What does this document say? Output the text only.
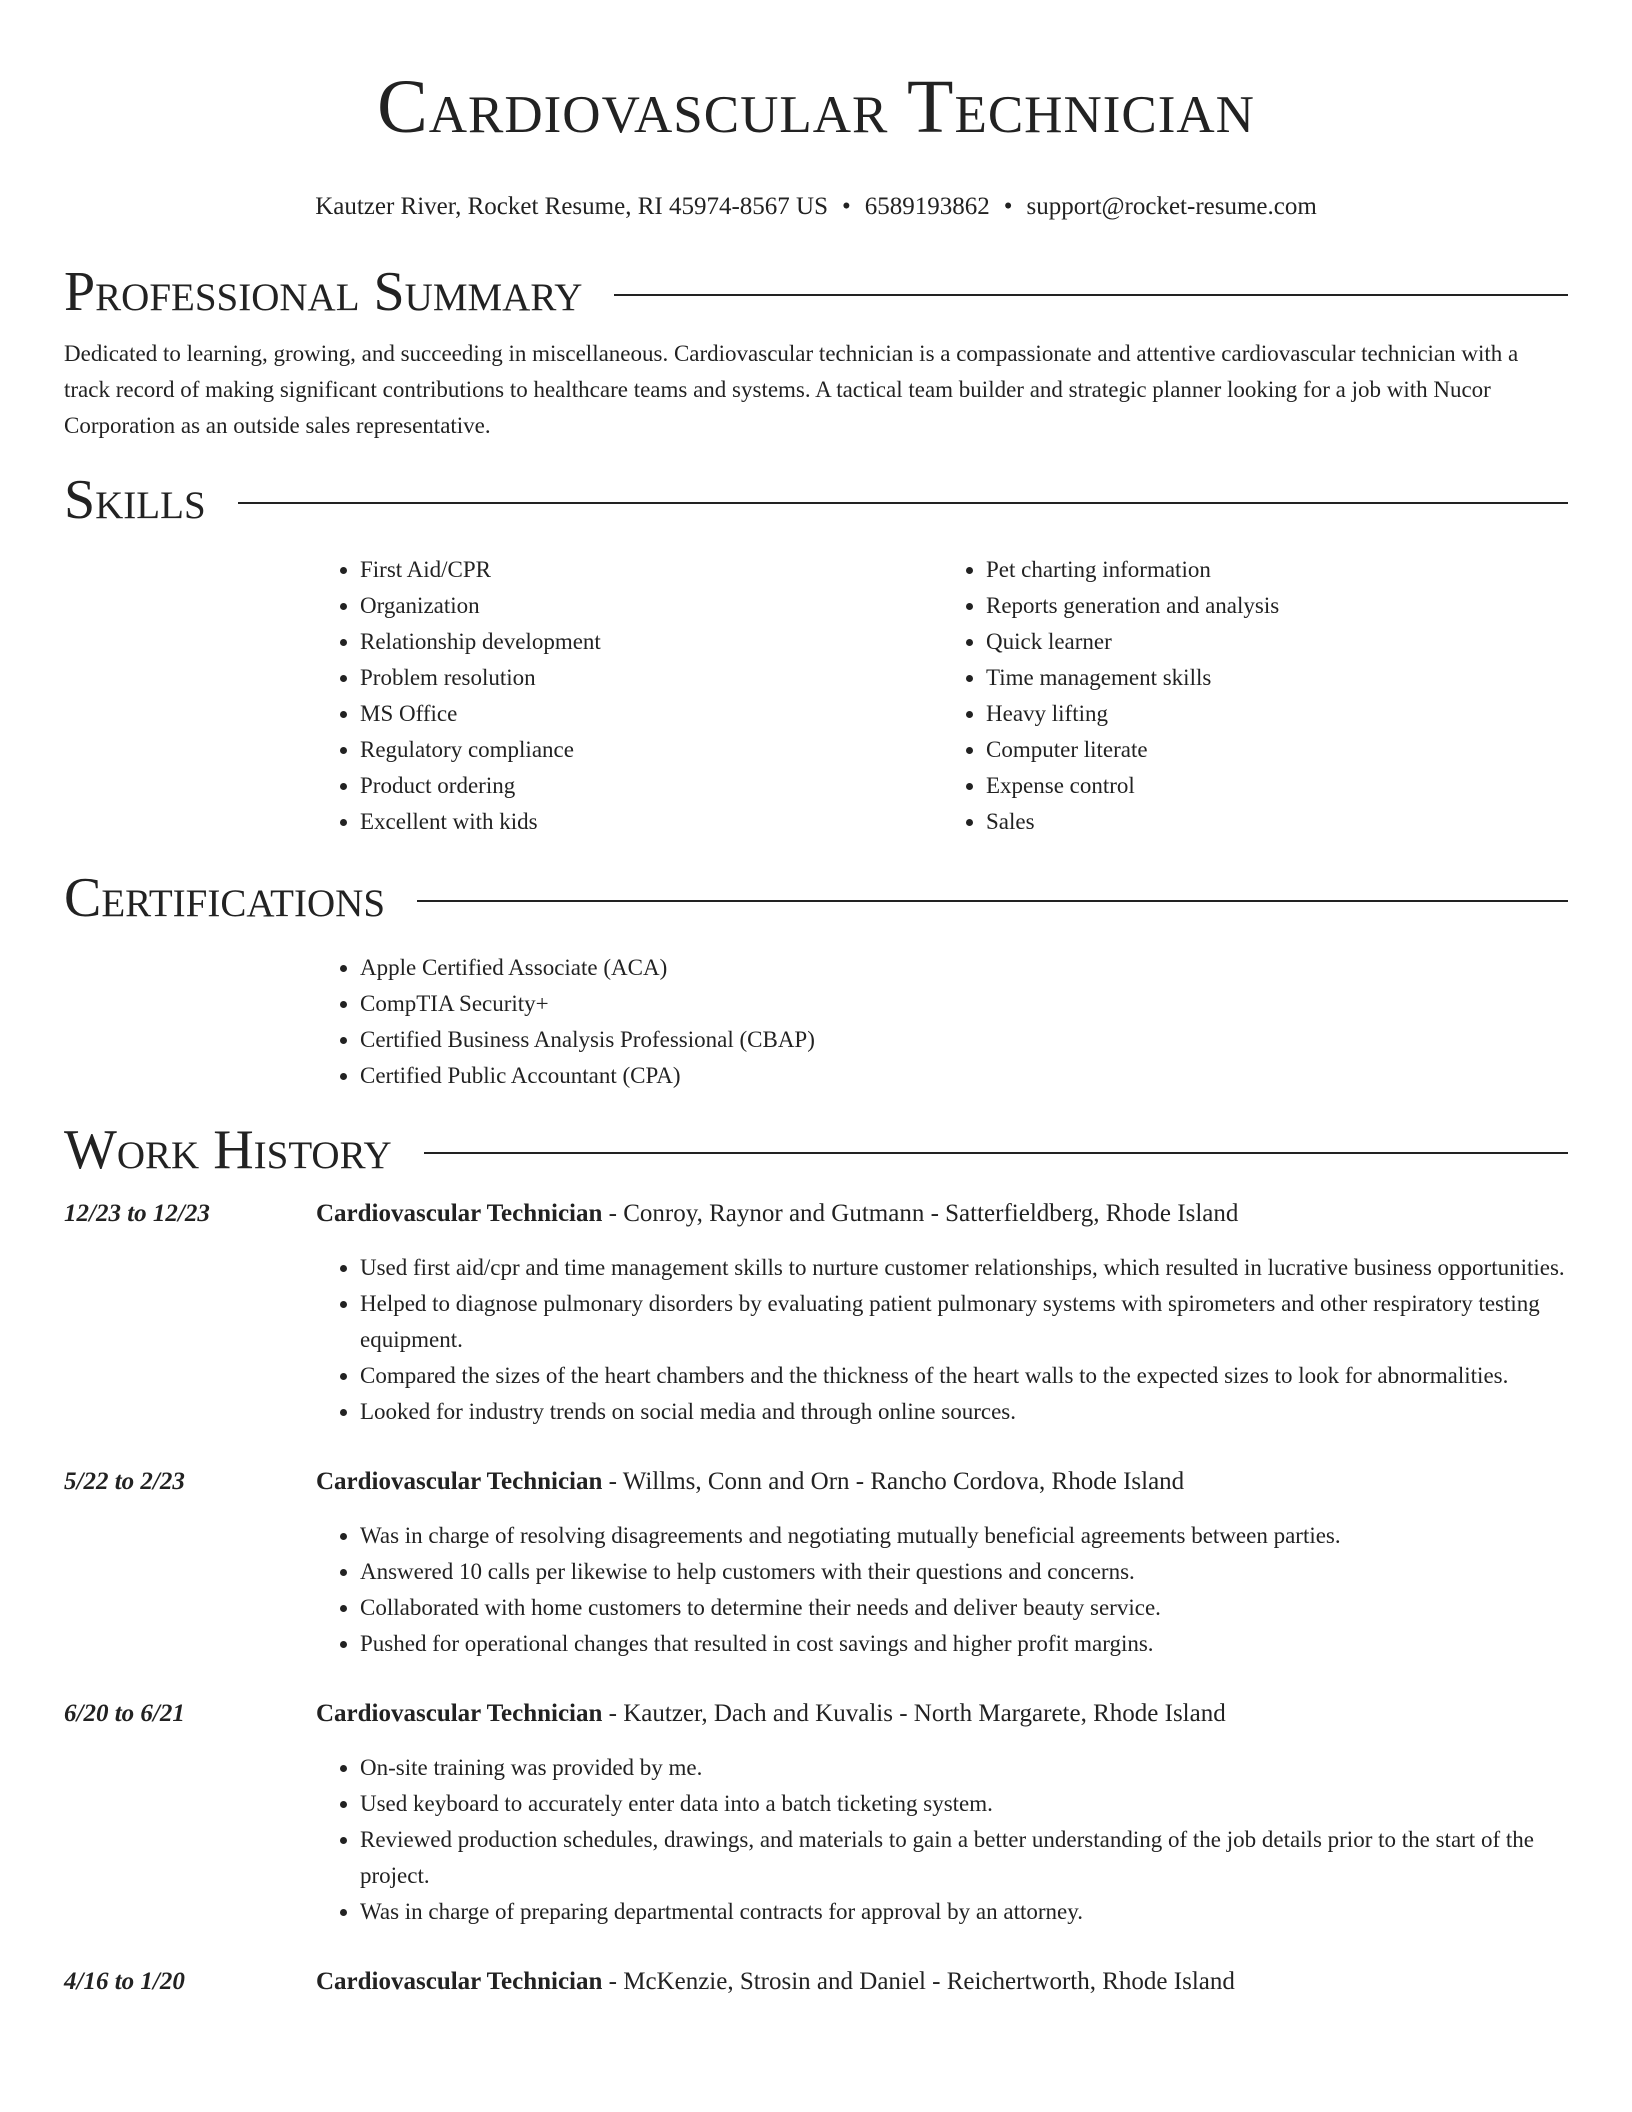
Cardiovascular Technician
Kautzer River, Rocket Resume, RI 45974-8567 US • 6589193862 • support@rocket-resume.com
Professional Summary

Dedicated to learning, growing, and succeeding in miscellaneous. Cardiovascular technician is a compassionate and attentive cardiovascular technician with a track record of making significant contributions to healthcare teams and systems. A tactical team builder and strategic planner looking for a job with Nucor Corporation as an outside sales representative.

Skills
• First Aid/CPR
• Organization
• Relationship development
• Problem resolution
• MS Office
• Regulatory compliance
• Product ordering
• Excellent with kids
• Pet charting information
• Reports generation and analysis
• Quick learner
• Time management skills
• Heavy lifting
• Computer literate
• Expense control
• Sales
Certifications
• Apple Certified Associate (ACA)
• CompTIA Security+
• Certified Business Analysis Professional (CBAP)
• Certified Public Accountant (CPA)
Work History
12/23 to 12/23	Cardiovascular Technician - Conroy, Raynor and Gutmann - Satterfieldberg, Rhode Island
• Used first aid/cpr and time management skills to nurture customer relationships, which resulted in lucrative business opportunities.
• Helped to diagnose pulmonary disorders by evaluating patient pulmonary systems with spirometers and other respiratory testing equipment.
• Compared the sizes of the heart chambers and the thickness of the heart walls to the expected sizes to look for abnormalities.
• Looked for industry trends on social media and through online sources.
5/22 to 2/23	Cardiovascular Technician - Willms, Conn and Orn - Rancho Cordova, Rhode Island
• Was in charge of resolving disagreements and negotiating mutually beneficial agreements between parties.
• Answered 10 calls per likewise to help customers with their questions and concerns.
• Collaborated with home customers to determine their needs and deliver beauty service.
• Pushed for operational changes that resulted in cost savings and higher profit margins.
6/20 to 6/21	Cardiovascular Technician - Kautzer, Dach and Kuvalis - North Margarete, Rhode Island
• On-site training was provided by me.
• Used keyboard to accurately enter data into a batch ticketing system.
• Reviewed production schedules, drawings, and materials to gain a better understanding of the job details prior to the start of the project.
• Was in charge of preparing departmental contracts for approval by an attorney.
4/16 to 1/20	Cardiovascular Technician - McKenzie, Strosin and Daniel - Reichertworth, Rhode Island
